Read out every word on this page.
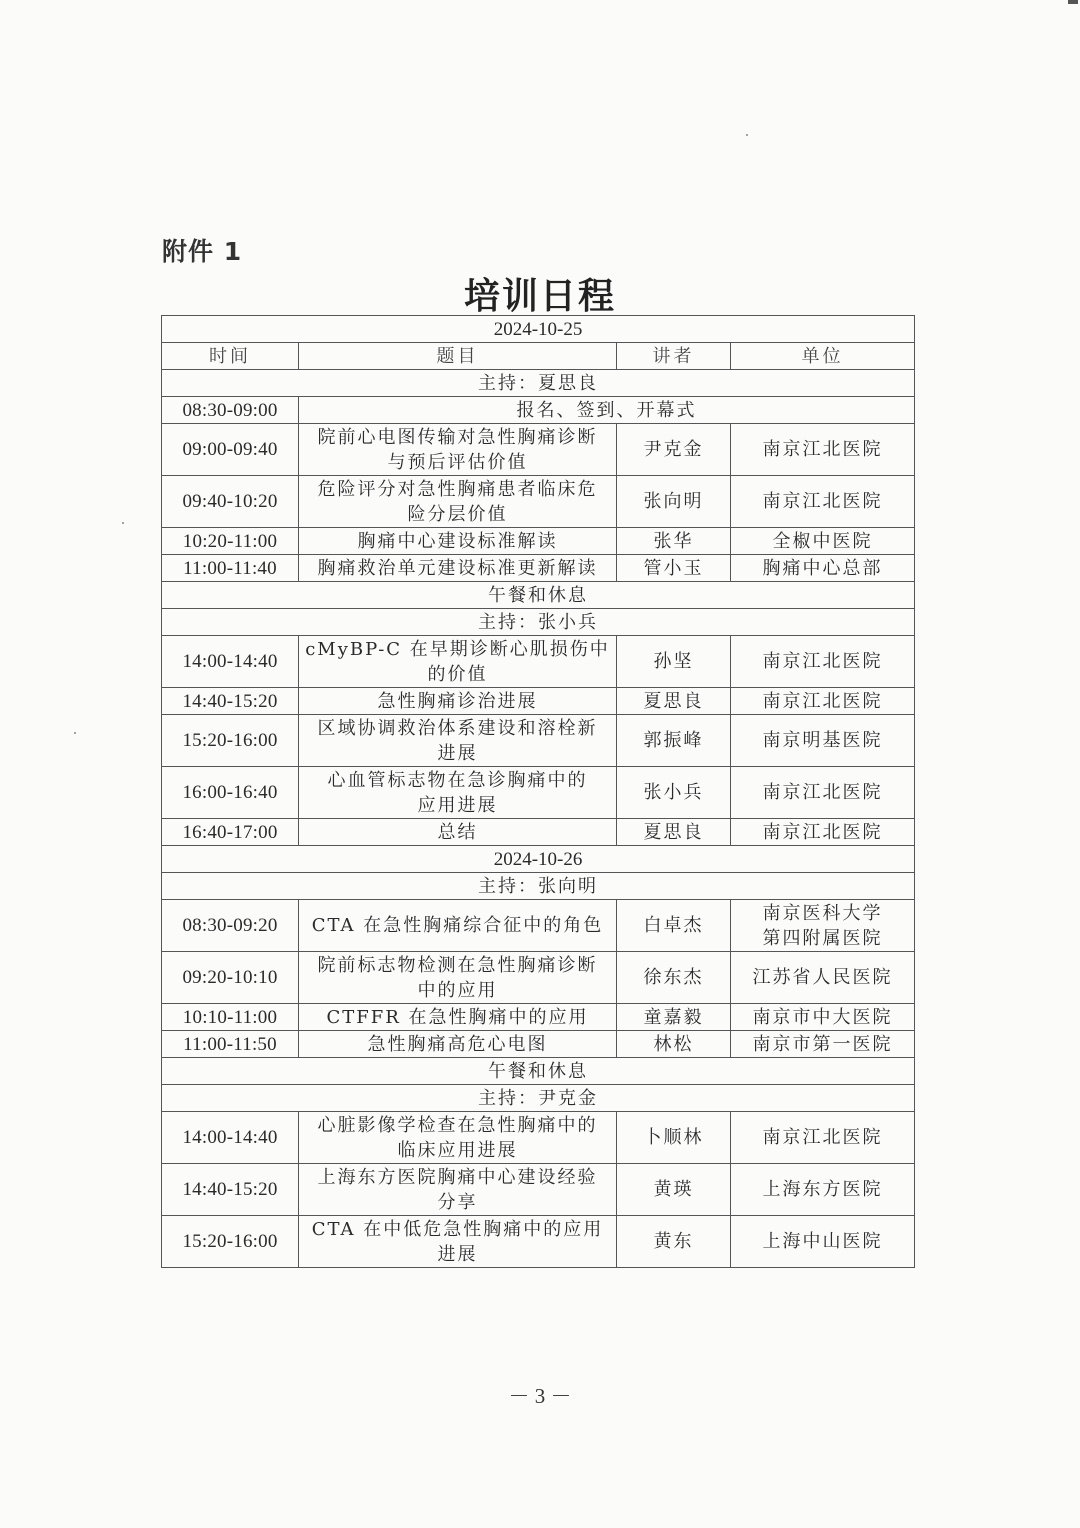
附件 1
培训日程
2024-10-25			
时间	题目	讲者	单位
主持：夏思良			
08:30-09:00	报名、签到、开幕式		
09:00-09:40	院前心电图传输对急性胸痛诊断
与预后评估价值	尹克金	南京江北医院
09:40-10:20	危险评分对急性胸痛患者临床危
险分层价值	张向明	南京江北医院
10:20-11:00	胸痛中心建设标准解读	张华	全椒中医院
11:00-11:40	胸痛救治单元建设标准更新解读	管小玉	胸痛中心总部
午餐和休息			
主持：张小兵			
14:00-14:40	cMyBP-C 在早期诊断心肌损伤中
的价值	孙坚	南京江北医院
14:40-15:20	急性胸痛诊治进展	夏思良	南京江北医院
15:20-16:00	区域协调救治体系建设和溶栓新
进展	郭振峰	南京明基医院
16:00-16:40	心血管标志物在急诊胸痛中的
应用进展	张小兵	南京江北医院
16:40-17:00	总结	夏思良	南京江北医院
2024-10-26			
主持：张向明			
08:30-09:20	CTA 在急性胸痛综合征中的角色	白卓杰	南京医科大学
第四附属医院

09:20-10:10	院前标志物检测在急性胸痛诊断
中的应用	徐东杰	江苏省人民医院
10:10-11:00	CTFFR 在急性胸痛中的应用	童嘉毅	南京市中大医院
11:00-11:50	急性胸痛高危心电图	林松	南京市第一医院
午餐和休息			
主持：尹克金			
14:00-14:40	心脏影像学检查在急性胸痛中的
临床应用进展	卜顺林	南京江北医院
14:40-15:20	上海东方医院胸痛中心建设经验
分享	黄瑛	上海东方医院
15:20-16:00	CTA 在中低危急性胸痛中的应用
进展	黄东	上海中山医院
－ 3 －
